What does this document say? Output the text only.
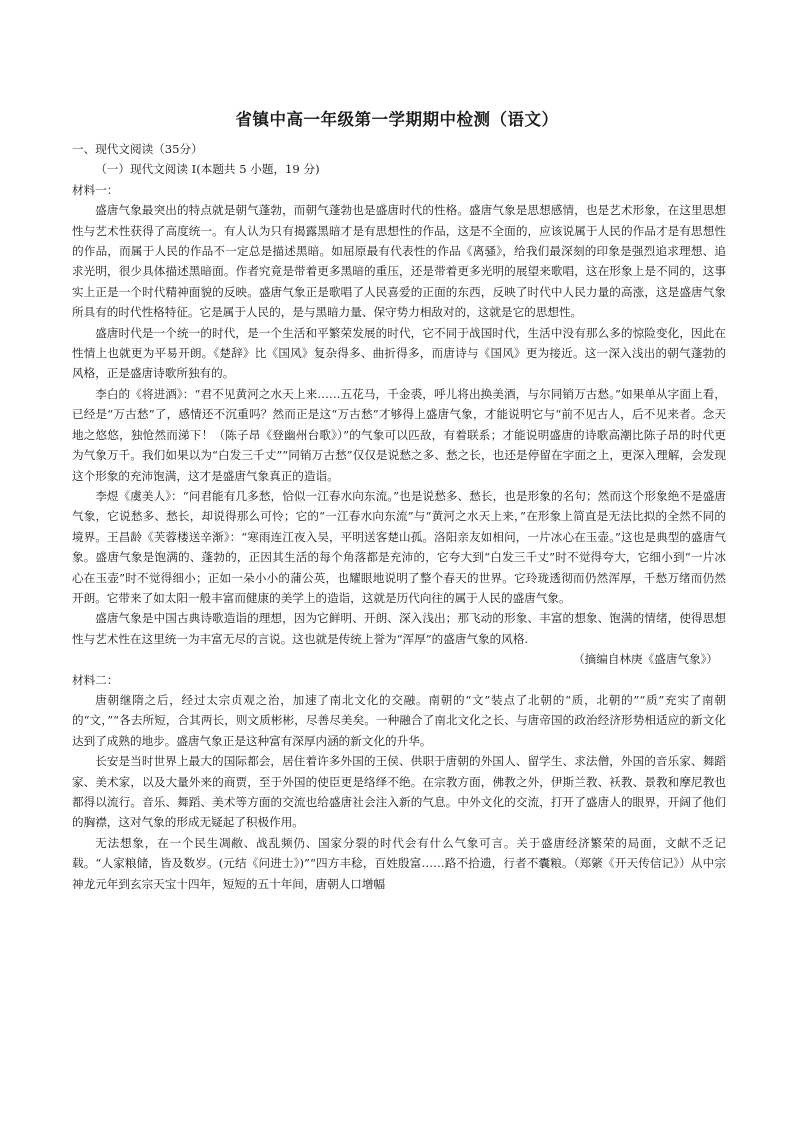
省镇中高一年级第一学期期中检测（语文）

一、现代文阅读（35分）

（一）现代文阅读 I(本题共 5 小题，19 分)

材料一：

盛唐气象最突出的特点就是朝气蓬勃，而朝气蓬勃也是盛唐时代的性格。盛唐气象是思想感情，也是艺术形象，在这里思想性与艺术性获得了高度统一。有人认为只有揭露黑暗才是有思想性的作品，这是不全面的，应该说属于人民的作品才是有思想性的作品，而属于人民的作品不一定总是描述黑暗。如屈原最有代表性的作品《离骚》，给我们最深刻的印象是强烈追求理想、追求光明，很少具体描述黑暗面。作者究竟是带着更多黑暗的重压，还是带着更多光明的展望来歌唱，这在形象上是不同的，这事实上正是一个时代精神面貌的反映。盛唐气象正是歌唱了人民喜爱的正面的东西，反映了时代中人民力量的高涨，这是盛唐气象所具有的时代性格特征。它是属于人民的，是与黑暗力量、保守势力相敌对的，这就是它的思想性。

盛唐时代是一个统一的时代，是一个生活和平繁荣发展的时代，它不同于战国时代，生活中没有那么多的惊险变化，因此在性情上也就更为平易开朗。《楚辞》比《国风》复杂得多、曲折得多，而唐诗与《国风》更为接近。这一深入浅出的朝气蓬勃的风格，正是盛唐诗歌所独有的。

李白的《将进酒》：“君不见黄河之水天上来……五花马，千金裘，呼儿将出换美酒，与尔同销万古愁。”如果单从字面上看，已经是“万古愁”了，感情还不沉重吗？然而正是这“万古愁”才够得上盛唐气象，才能说明它与“前不见古人，后不见来者。念天地之悠悠，独怆然而涕下！（陈子昂《登幽州台歌》）”的气象可以匹敌，有着联系；才能说明盛唐的诗歌高潮比陈子昂的时代更为气象万千。我们如果以为“白发三千丈”“同销万古愁”仅仅是说愁之多、愁之长，也还是停留在字面之上，更深入理解，会发现这个形象的充沛饱满，这才是盛唐气象真正的造诣。

李煜《虞美人》：“问君能有几多愁，恰似一江春水向东流。”也是说愁多、愁长，也是形象的名句；然而这个形象绝不是盛唐气象，它说愁多、愁长，却说得那么可怜；它的“一江春水向东流”与“黄河之水天上来，”在形象上简直是无法比拟的全然不同的境界。王昌龄《芙蓉楼送辛渐》：“寒雨连江夜入吴，平明送客楚山孤。洛阳亲友如相问，一片冰心在玉壶。”这也是典型的盛唐气象。盛唐气象是饱满的、蓬勃的，正因其生活的每个角落都是充沛的，它夸大到“白发三千丈”时不觉得夸大，它细小到“一片冰心在玉壶”时不觉得细小；正如一朵小小的蒲公英，也耀眼地说明了整个春天的世界。它玲珑透彻而仍然浑厚，千愁万绪而仍然开朗。它带来了如太阳一般丰富而健康的美学上的造诣，这就是历代向往的属于人民的盛唐气象。

盛唐气象是中国古典诗歌造诣的理想，因为它鲜明、开朗、深入浅出；那飞动的形象、丰富的想象、饱满的情绪，使得思想性与艺术性在这里统一为丰富无尽的言说。这也就是传统上誉为“浑厚”的盛唐气象的风格.

（摘编自林庚《盛唐气象》）

材料二：

唐朝继隋之后，经过太宗贞观之治，加速了南北文化的交融。南朝的“文”装点了北朝的“质，北朝的”“质”充实了南朝的“文，”“各去所短，合其两长，则文质彬彬，尽善尽美矣。一种融合了南北文化之长、与唐帝国的政治经济形势相适应的新文化达到了成熟的地步。盛唐气象正是这种富有深厚内涵的新文化的升华。

长安是当时世界上最大的国际都会，居住着许多外国的王侯、供职于唐朝的外国人、留学生、求法僧，外国的音乐家、舞蹈家、美术家，以及大量外来的商贾，至于外国的使臣更是络绎不绝。在宗教方面，佛教之外，伊斯兰教、袄教、景教和摩尼教也都得以流行。音乐、舞蹈、美术等方面的交流也给盛唐社会注入新的气息。中外文化的交流，打开了盛唐人的眼界，开阔了他们的胸襟，这对气象的形成无疑起了积极作用。

无法想象，在一个民生凋敝、战乱频仍、国家分裂的时代会有什么气象可言。关于盛唐经济繁荣的局面，文献不乏记载。“人家粮储，皆及数岁。(元结《问进士》)”“四方丰稔，百姓殷富……路不拾遗，行者不囊粮。（郑綮《开天传信记》）从中宗神龙元年到玄宗天宝十四年，短短的五十年间，唐朝人口增幅
